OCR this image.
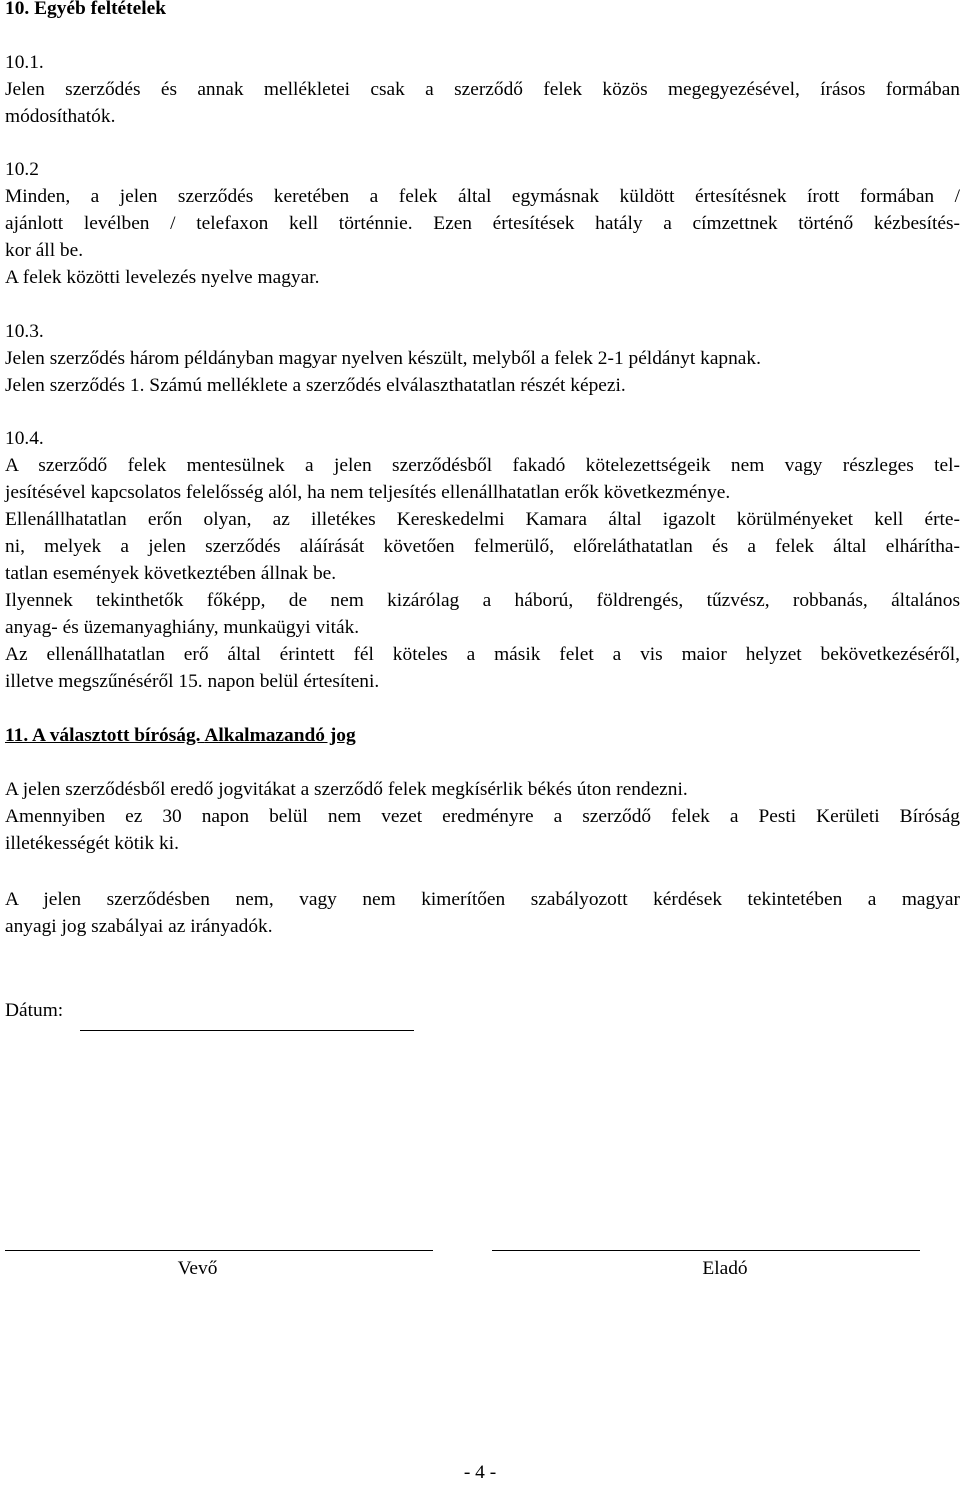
10. Egyéb feltételek
10.1.
Jelen szerződés és annak mellékletei csak a szerződő felek közös megegyezésével, írásos formában
módosíthatók.
10.2
Minden, a jelen szerződés keretében a felek által egymásnak küldött értesítésnek írott formában /
ajánlott levélben / telefaxon kell történnie. Ezen értesítések hatály a címzettnek történő kézbesítés-
kor áll be.
A felek közötti levelezés nyelve magyar.
10.3.
Jelen szerződés három példányban magyar nyelven készült, melyből a felek 2-1 példányt kapnak.
Jelen szerződés 1. Számú melléklete a szerződés elválaszthatatlan részét képezi.
10.4.
A szerződő felek mentesülnek a jelen szerződésből fakadó kötelezettségeik nem vagy részleges tel-
jesítésével kapcsolatos felelősség alól, ha nem teljesítés ellenállhatatlan erők következménye.
Ellenállhatatlan erőn olyan, az illetékes Kereskedelmi Kamara által igazolt körülményeket kell érte-
ni, melyek a jelen szerződés aláírását követően felmerülő, előreláthatatlan és a felek által elhárítha-
tatlan események következtében állnak be.
Ilyennek tekinthetők főképp, de nem kizárólag a háború, földrengés, tűzvész, robbanás, általános
anyag- és üzemanyaghiány, munkaügyi viták.
Az ellenállhatatlan erő által érintett fél köteles a másik felet a vis maior helyzet bekövetkezéséről,
illetve megszűnéséről 15. napon belül értesíteni.
11. A választott bíróság. Alkalmazandó jog
A jelen szerződésből eredő jogvitákat a szerződő felek megkísérlik békés úton rendezni.
Amennyiben ez 30 napon belül nem vezet eredményre a szerződő felek a Pesti Kerületi Bíróság
illetékességét kötik ki.
A jelen szerződésben nem, vagy nem kimerítően szabályozott kérdések tekintetében a magyar
anyagi jog szabályai az irányadók.
Dátum:
Vevő	Eladó
- 4 -
